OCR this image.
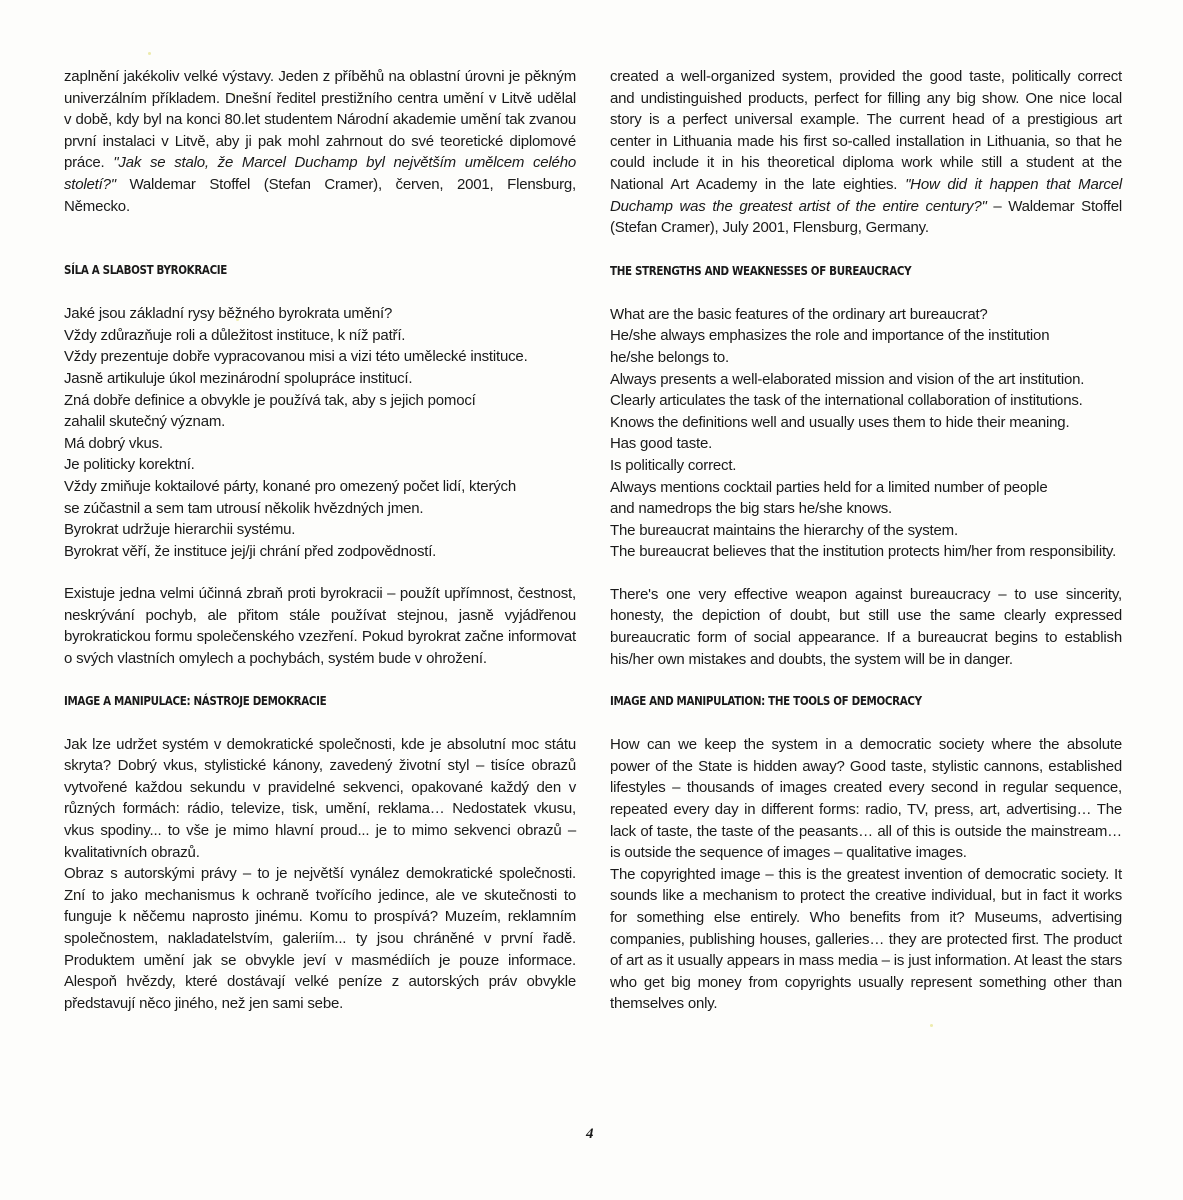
zaplnění jakékoliv velké výstavy. Jeden z příběhů na oblastní úrovni je pěkným univerzálním příkladem. Dnešní ředitel prestižního centra umění v Litvě udělal v době, kdy byl na konci 80.let studentem Národní akademie umění tak zvanou první instalaci v Litvě, aby ji pak mohl zahrnout do své teoretické diplomové práce. "Jak se stalo, že Marcel Duchamp byl největším umělcem celého století?" Waldemar Stoffel (Stefan Cramer), červen, 2001, Flensburg, Německo.

SÍLA A SLABOST BYROKRACIE
Jaké jsou základní rysy běžného byrokrata umění?
Vždy zdůrazňuje roli a důležitost instituce, k níž patří.
Vždy prezentuje dobře vypracovanou misi a vizi této umělecké instituce.
Jasně artikuluje úkol mezinárodní spolupráce institucí.
Zná dobře definice a obvykle je používá tak, aby s jejich pomocí
zahalil skutečný význam.
Má dobrý vkus.
Je politicky korektní.
Vždy zmiňuje koktailové párty, konané pro omezený počet lidí, kterých
se zúčastnil a sem tam utrousí několik hvězdných jmen.
Byrokrat udržuje hierarchii systému.
Byrokrat věří, že instituce jej/ji chrání před zodpovědností.

Existuje jedna velmi účinná zbraň proti byrokracii – použít upřímnost, čestnost, neskrývání pochyb, ale přitom stále používat stejnou, jasně vyjádřenou byrokratickou formu společenského vzezření. Pokud byrokrat začne informovat o svých vlastních omylech a pochybách, systém bude v ohrožení.

IMAGE A MANIPULACE: NÁSTROJE DEMOKRACIE

Jak lze udržet systém v demokratické společnosti, kde je absolutní moc státu skryta? Dobrý vkus, stylistické kánony, zavedený životní styl – tisíce obrazů vytvořené každou sekundu v pravidelné sekvenci, opakované každý den v různých formách: rádio, televize, tisk, umění, reklama… Nedostatek vkusu, vkus spodiny... to vše je mimo hlavní proud... je to mimo sekvenci obrazů – kvalitativních obrazů.

Obraz s autorskými právy – to je největší vynález demokratické společnosti. Zní to jako mechanismus k ochraně tvořícího jedince, ale ve skutečnosti to funguje k něčemu naprosto jinému. Komu to prospívá? Muzeím, reklamním společnostem, nakladatelstvím, galeriím... ty jsou chráněné v první řadě. Produktem umění jak se obvykle jeví v masmédiích je pouze informace. Alespoň hvězdy, které dostávají velké peníze z autorských práv obvykle představují něco jiného, než jen sami sebe.

created a well-organized system, provided the good taste, politically correct and undistinguished products, perfect for filling any big show. One nice local story is a perfect universal example. The current head of a prestigious art center in Lithuania made his first so-called installation in Lithuania, so that he could include it in his theoretical diploma work while still a student at the National Art Academy in the late eighties. "How did it happen that Marcel Duchamp was the greatest artist of the entire century?" – Waldemar Stoffel (Stefan Cramer), July 2001, Flensburg, Germany.

THE STRENGTHS AND WEAKNESSES OF BUREAUCRACY
What are the basic features of the ordinary art bureaucrat?
He/she always emphasizes the role and importance of the institution
he/she belongs to.
Always presents a well-elaborated mission and vision of the art institution.
Clearly articulates the task of the international collaboration of institutions.
Knows the definitions well and usually uses them to hide their meaning.
Has good taste.
Is politically correct.
Always mentions cocktail parties held for a limited number of people
and namedrops the big stars he/she knows.
The bureaucrat maintains the hierarchy of the system.
The bureaucrat believes that the institution protects him/her from responsibility.

There's one very effective weapon against bureaucracy – to use sincerity, honesty, the depiction of doubt, but still use the same clearly expressed bureaucratic form of social appearance. If a bureaucrat begins to establish his/her own mistakes and doubts, the system will be in danger.

IMAGE AND MANIPULATION: THE TOOLS OF DEMOCRACY

How can we keep the system in a democratic society where the absolute power of the State is hidden away? Good taste, stylistic cannons, established lifestyles – thousands of images created every second in regular sequence, repeated every day in different forms: radio, TV, press, art, advertising… The lack of taste, the taste of the peasants… all of this is outside the mainstream… is outside the sequence of images – qualitative images.

The copyrighted image – this is the greatest invention of democratic society. It sounds like a mechanism to protect the creative individual, but in fact it works for something else entirely. Who benefits from it? Museums, advertising companies, publishing houses, galleries… they are protected first. The product of art as it usually appears in mass media – is just information. At least the stars who get big money from copyrights usually represent something other than themselves only.

4
